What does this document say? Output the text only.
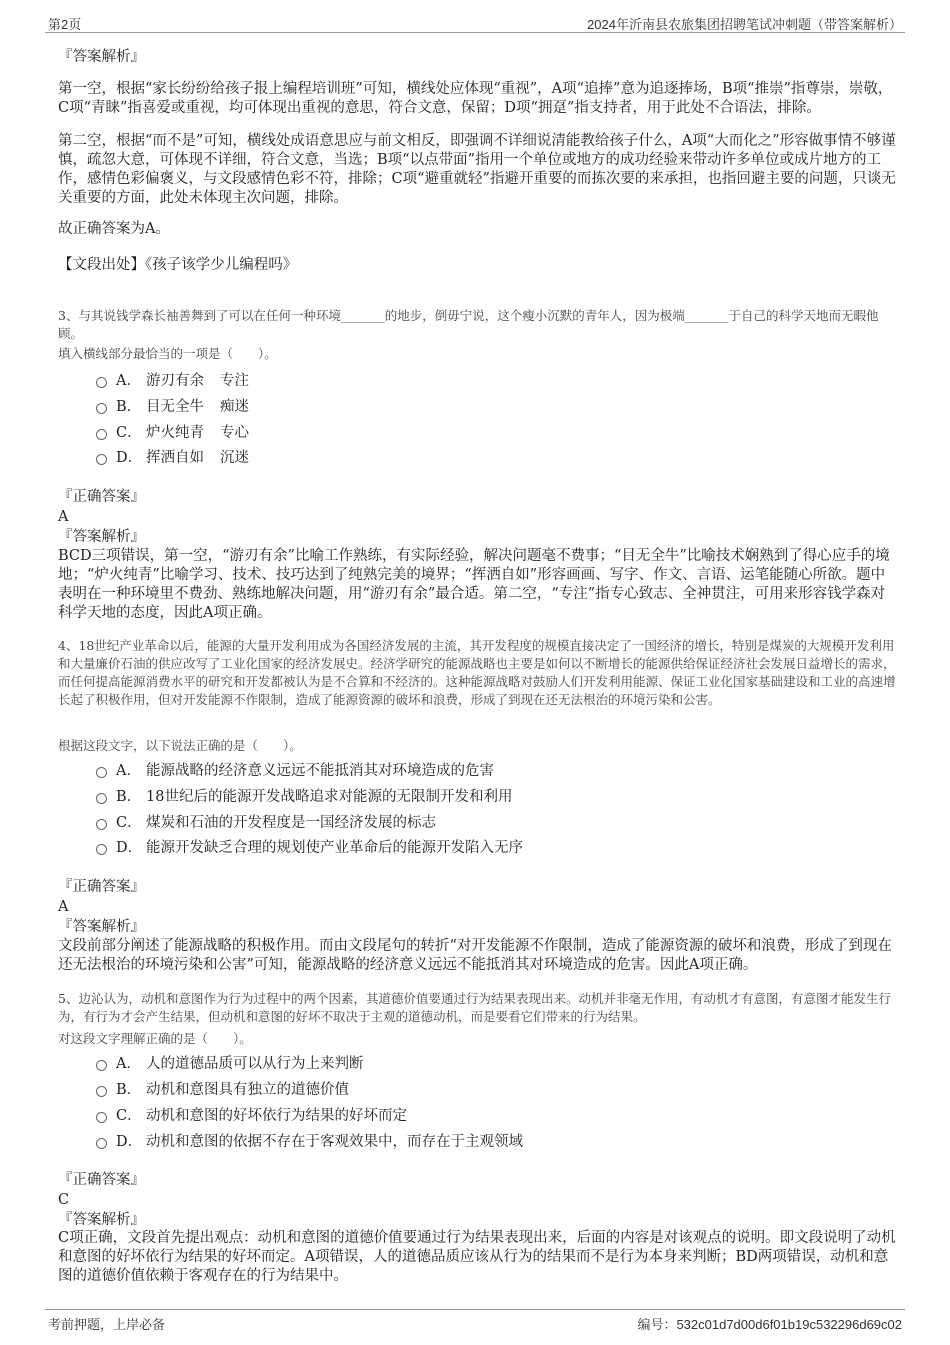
第2页	2024年沂南县农旅集团招聘笔试冲刺题（带答案解析）
『答案解析』
第一空，根据“家长纷纷给孩子报上编程培训班”可知，横线处应体现“重视”，A项“追捧”意为追逐捧场，B项“推崇”指尊崇，崇敬，C项“青睐”指喜爱或重视，均可体现出重视的意思，符合文意，保留；D项“拥趸”指支持者，用于此处不合语法，排除。
第二空，根据“而不是”可知，横线处成语意思应与前文相反，即强调不详细说清能教给孩子什么，A项“大而化之”形容做事情不够谨慎，疏忽大意，可体现不详细，符合文意，当选；B项“以点带面”指用一个单位或地方的成功经验来带动许多单位或成片地方的工作，感情色彩偏褒义，与文段感情色彩不符，排除；C项“避重就轻”指避开重要的而拣次要的来承担，也指回避主要的问题，只谈无关重要的方面，此处未体现主次问题，排除。
故正确答案为A。
【文段出处】《孩子该学少儿编程吗》
3、与其说钱学森长袖善舞到了可以在任何一种环境_______的地步，倒毋宁说，这个瘦小沉默的青年人，因为极端_______于自己的科学天地而无暇他顾。
填入横线部分最恰当的一项是（　　）。
A． 游刃有余 专注
B． 目无全牛 痴迷
C． 炉火纯青 专心
D． 挥洒自如 沉迷
『正确答案』
A
『答案解析』
BCD三项错误，第一空，“游刃有余”比喻工作熟练，有实际经验，解决问题毫不费事；“目无全牛”比喻技术娴熟到了得心应手的境地；“炉火纯青”比喻学习、技术、技巧达到了纯熟完美的境界；“挥洒自如”形容画画、写字、作文、言语、运笔能随心所欲。题中表明在一种环境里不费劲、熟练地解决问题，用“游刃有余”最合适。第二空，“专注”指专心致志、全神贯注，可用来形容钱学森对科学天地的态度，因此A项正确。
4、18世纪产业革命以后，能源的大量开发利用成为各国经济发展的主流，其开发程度的规模直接决定了一国经济的增长，特别是煤炭的大规模开发利用和大量廉价石油的供应改写了工业化国家的经济发展史。经济学研究的能源战略也主要是如何以不断增长的能源供给保证经济社会发展日益增长的需求，而任何提高能源消费水平的研究和开发都被认为是不合算和不经济的。这种能源战略对鼓励人们开发利用能源、保证工业化国家基础建设和工业的高速增长起了积极作用，但对开发能源不作限制，造成了能源资源的破坏和浪费，形成了到现在还无法根治的环境污染和公害。
根据这段文字，以下说法正确的是（　　）。
A． 能源战略的经济意义远远不能抵消其对环境造成的危害
B． 18世纪后的能源开发战略追求对能源的无限制开发和利用
C． 煤炭和石油的开发程度是一国经济发展的标志
D． 能源开发缺乏合理的规划使产业革命后的能源开发陷入无序
『正确答案』
A
『答案解析』
文段前部分阐述了能源战略的积极作用。而由文段尾句的转折“对开发能源不作限制，造成了能源资源的破坏和浪费，形成了到现在还无法根治的环境污染和公害”可知，能源战略的经济意义远远不能抵消其对环境造成的危害。因此A项正确。
5、边沁认为，动机和意图作为行为过程中的两个因素，其道德价值要通过行为结果表现出来。动机并非毫无作用，有动机才有意图，有意图才能发生行为，有行为才会产生结果，但动机和意图的好坏不取决于主观的道德动机，而是要看它们带来的行为结果。
对这段文字理解正确的是（　　）。
A． 人的道德品质可以从行为上来判断
B． 动机和意图具有独立的道德价值
C． 动机和意图的好坏依行为结果的好坏而定
D． 动机和意图的依据不存在于客观效果中，而存在于主观领域
『正确答案』
C
『答案解析』
C项正确，文段首先提出观点：动机和意图的道德价值要通过行为结果表现出来，后面的内容是对该观点的说明。即文段说明了动机和意图的好坏依行为结果的好坏而定。A项错误，人的道德品质应该从行为的结果而不是行为本身来判断；BD两项错误，动机和意图的道德价值依赖于客观存在的行为结果中。
考前押题，上岸必备	编号：532c01d7d00d6f01b19c532296d69c02
